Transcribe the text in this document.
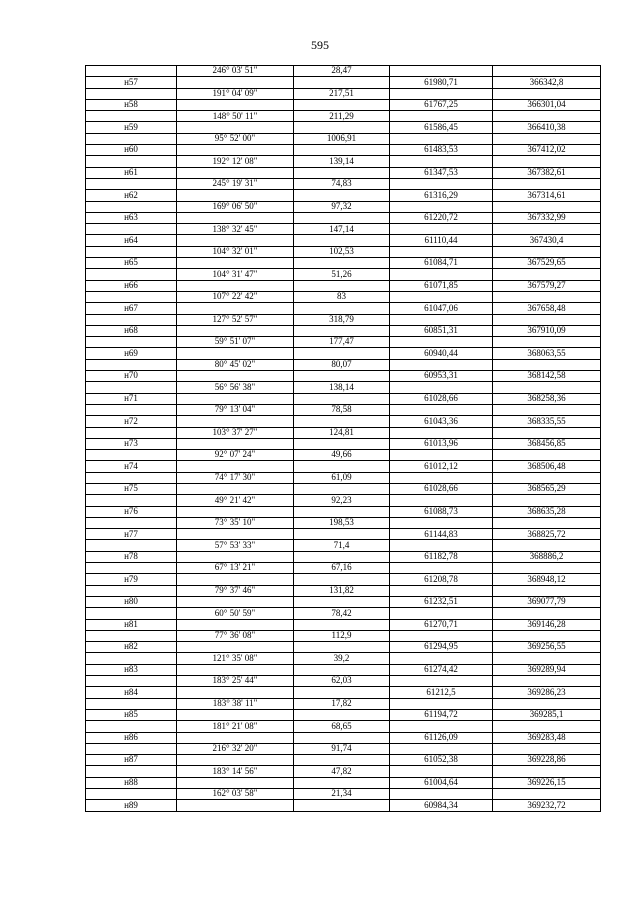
595
	246° 03' 51"	28,47		
н57			61980,71	366342,8
	191° 04' 09"	217,51		
н58			61767,25	366301,04
	148° 50' 11"	211,29		
н59			61586,45	366410,38
	95° 52' 00"	1006,91		
н60			61483,53	367412,02
	192° 12' 08"	139,14		
н61			61347,53	367382,61
	245° 19' 31"	74,83		
н62			61316,29	367314,61
	169° 06' 50"	97,32		
н63			61220,72	367332,99
	138° 32' 45"	147,14		
н64			61110,44	367430,4
	104° 32' 01"	102,53		
н65			61084,71	367529,65
	104° 31' 47"	51,26		
н66			61071,85	367579,27
	107° 22' 42"	83		
н67			61047,06	367658,48
	127° 52' 57"	318,79		
н68			60851,31	367910,09
	59° 51' 07"	177,47		
н69			60940,44	368063,55
	80° 45' 02"	80,07		
н70			60953,31	368142,58
	56° 56' 38"	138,14		
н71			61028,66	368258,36
	79° 13' 04"	78,58		
н72			61043,36	368335,55
	103° 37' 27"	124,81		
н73			61013,96	368456,85
	92° 07' 24"	49,66		
н74			61012,12	368506,48
	74° 17' 30"	61,09		
н75			61028,66	368565,29
	49° 21' 42"	92,23		
н76			61088,73	368635,28
	73° 35' 10"	198,53		
н77			61144,83	368825,72
	57° 53' 33"	71,4		
н78			61182,78	368886,2
	67° 13' 21"	67,16		
н79			61208,78	368948,12
	79° 37' 46"	131,82		
н80			61232,51	369077,79
	60° 50' 59"	78,42		
н81			61270,71	369146,28
	77° 36' 08"	112,9		
н82			61294,95	369256,55
	121° 35' 08"	39,2		
н83			61274,42	369289,94
	183° 25' 44"	62,03		
н84			61212,5	369286,23
	183° 38' 11"	17,82		
н85			61194,72	369285,1
	181° 21' 08"	68,65		
н86			61126,09	369283,48
	216° 32' 20"	91,74		
н87			61052,38	369228,86
	183° 14' 56"	47,82		
н88			61004,64	369226,15
	162° 03' 58"	21,34		
н89			60984,34	369232,72
